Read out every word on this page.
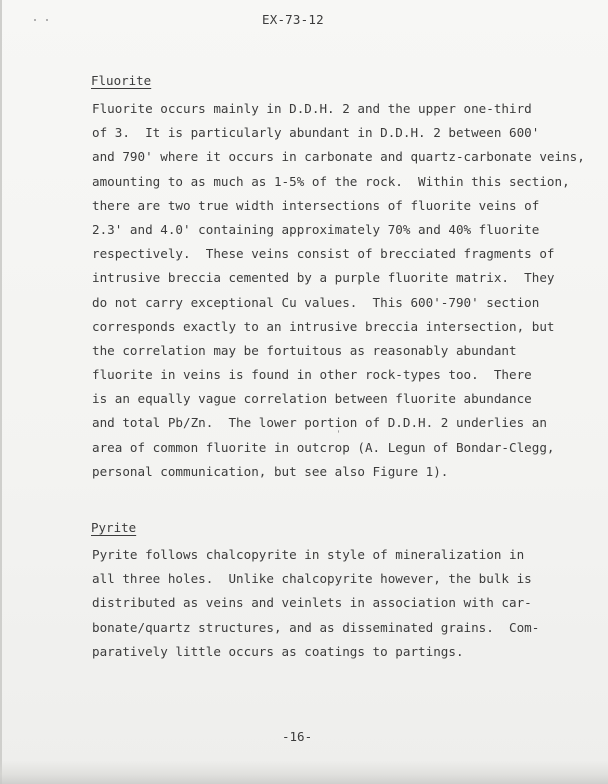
EX-73-12
Fluorite
Fluorite occurs mainly in D.D.H. 2 and the upper one-third
of 3.  It is particularly abundant in D.D.H. 2 between 600'
and 790' where it occurs in carbonate and quartz-carbonate veins,
amounting to as much as 1-5% of the rock.  Within this section,
there are two true width intersections of fluorite veins of
2.3' and 4.0' containing approximately 70% and 40% fluorite
respectively.  These veins consist of brecciated fragments of
intrusive breccia cemented by a purple fluorite matrix.  They
do not carry exceptional Cu values.  This 600'-790' section
corresponds exactly to an intrusive breccia intersection, but
the correlation may be fortuitous as reasonably abundant
fluorite in veins is found in other rock-types too.  There
is an equally vague correlation between fluorite abundance
and total Pb/Zn.  The lower portion of D.D.H. 2 underlies an
area of common fluorite in outcrop (A. Legun of Bondar-Clegg,
personal communication, but see also Figure 1).
Pyrite
Pyrite follows chalcopyrite in style of mineralization in
all three holes.  Unlike chalcopyrite however, the bulk is
distributed as veins and veinlets in association with car-
bonate/quartz structures, and as disseminated grains.  Com-
paratively little occurs as coatings to partings.
-16-
